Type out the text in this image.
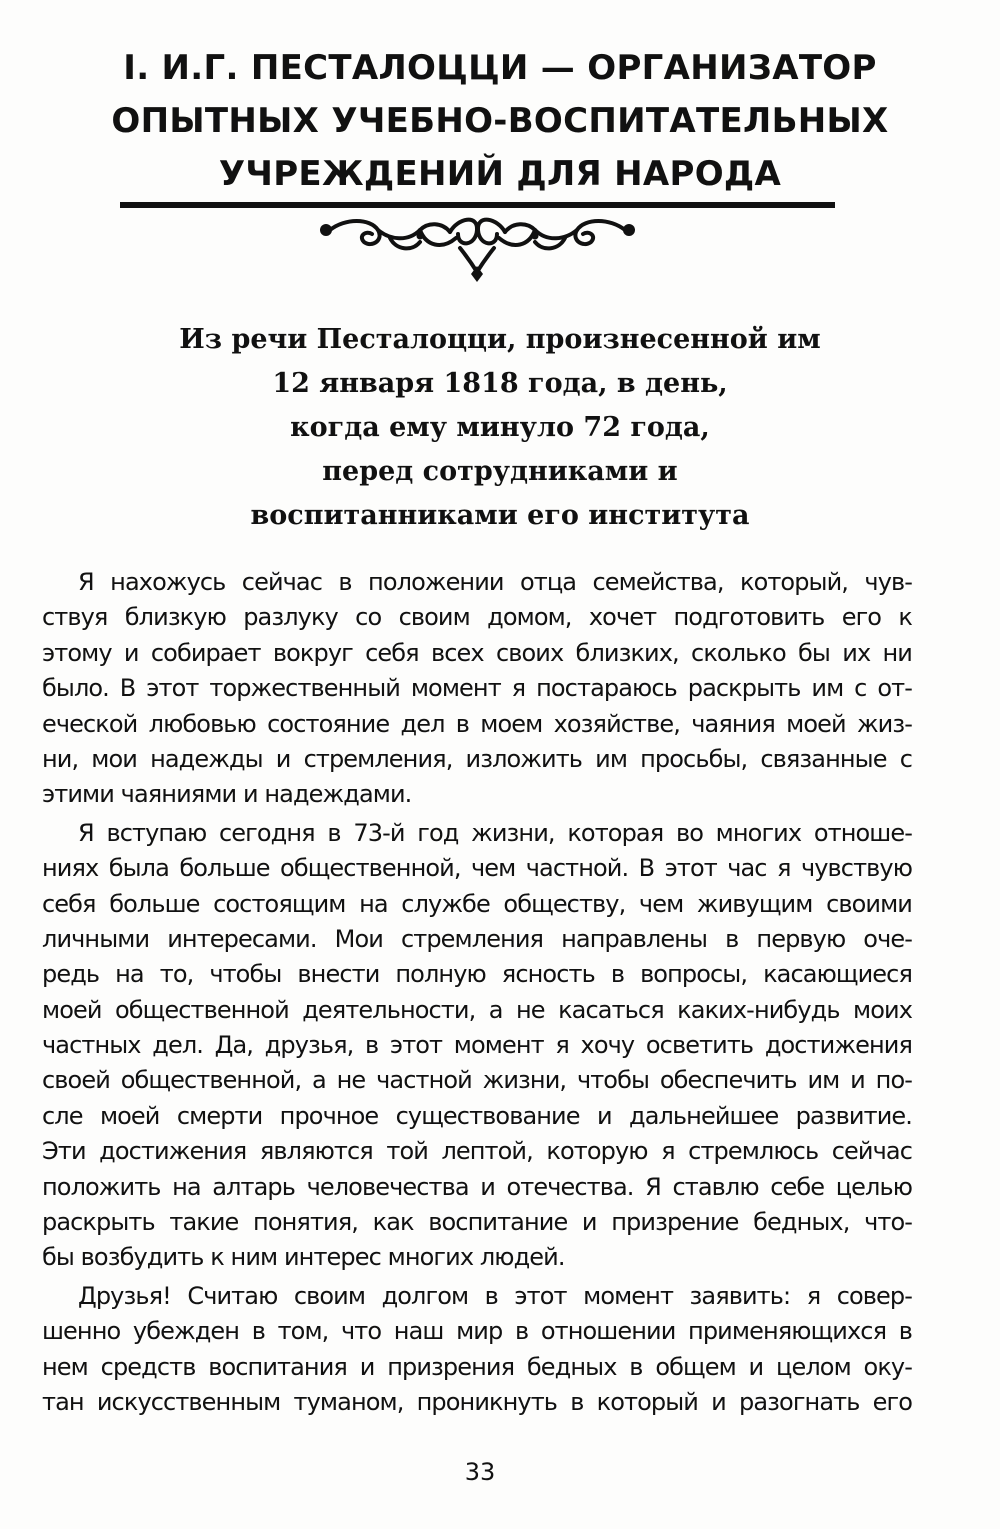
I. И.Г. ПЕСТАЛОЦЦИ — ОРГАНИЗАТОР
ОПЫТНЫХ УЧЕБНО-ВОСПИТАТЕЛЬНЫХ
УЧРЕЖДЕНИЙ ДЛЯ НАРОДА
Из речи Песталоцци, произнесенной им
12 января 1818 года, в день,
когда ему минуло 72 года,
перед сотрудниками и
воспитанниками его института
Я нахожусь сейчас в положении отца семейства, который, чув-
ствуя близкую разлуку со своим домом, хочет подготовить его к
этому и собирает вокруг себя всех своих близких, сколько бы их ни
было. В этот торжественный момент я постараюсь раскрыть им с от-
еческой любовью состояние дел в моем хозяйстве, чаяния моей жиз-
ни, мои надежды и стремления, изложить им просьбы, связанные с
этими чаяниями и надеждами.
Я вступаю сегодня в 73-й год жизни, которая во многих отноше-
ниях была больше общественной, чем частной. В этот час я чувствую
себя больше состоящим на службе обществу, чем живущим своими
личными интересами. Мои стремления направлены в первую оче-
редь на то, чтобы внести полную ясность в вопросы, касающиеся
моей общественной деятельности, а не касаться каких-нибудь моих
частных дел. Да, друзья, в этот момент я хочу осветить достижения
своей общественной, а не частной жизни, чтобы обеспечить им и по-
сле моей смерти прочное существование и дальнейшее развитие.
Эти достижения являются той лептой, которую я стремлюсь сейчас
положить на алтарь человечества и отечества. Я ставлю себе целью
раскрыть такие понятия, как воспитание и призрение бедных, что-
бы возбудить к ним интерес многих людей.
Друзья! Считаю своим долгом в этот момент заявить: я совер-
шенно убежден в том, что наш мир в отношении применяющихся в
нем средств воспитания и призрения бедных в общем и целом оку-
тан искусственным туманом, проникнуть в который и разогнать его
33
